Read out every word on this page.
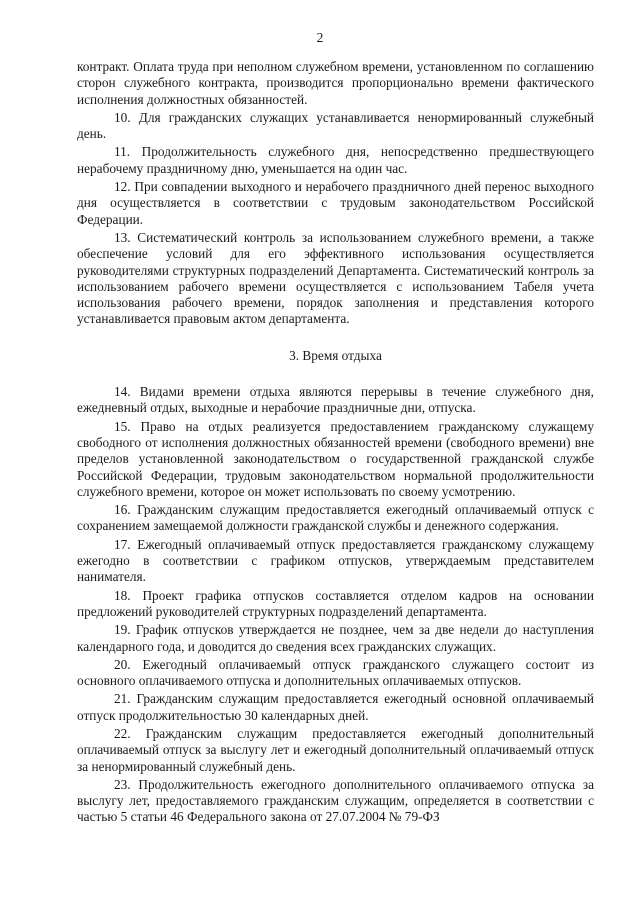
2

контракт. Оплата труда при неполном служебном времени, установленном по соглашению сторон служебного контракта, производится пропорционально времени фактического исполнения должностных обязанностей.

10. Для гражданских служащих устанавливается ненормированный служебный день.

11. Продолжительность служебного дня, непосредственно предшествующего нерабочему праздничному дню, уменьшается на один час.

12. При совпадении выходного и нерабочего праздничного дней перенос выходного дня осуществляется в соответствии с трудовым законодательством Российской Федерации.

13. Систематический контроль за использованием служебного времени, а также обеспечение условий для его эффективного использования осуществляется руководителями структурных подразделений Департамента. Систематический контроль за использованием рабочего времени осуществляется с использованием Табеля учета использования рабочего времени, порядок заполнения и представления которого устанавливается правовым актом департамента.

3. Время отдыха

14. Видами времени отдыха являются перерывы в течение служебного дня, ежедневный отдых, выходные и нерабочие праздничные дни, отпуска.

15. Право на отдых реализуется предоставлением гражданскому служащему свободного от исполнения должностных обязанностей времени (свободного времени) вне пределов установленной законодательством о государственной гражданской службе Российской Федерации, трудовым законодательством нормальной продолжительности служебного времени, которое он может использовать по своему усмотрению.

16. Гражданским служащим предоставляется ежегодный оплачиваемый отпуск с сохранением замещаемой должности гражданской службы и денежного содержания.

17. Ежегодный оплачиваемый отпуск предоставляется гражданскому служащему ежегодно в соответствии с графиком отпусков, утверждаемым представителем нанимателя.

18. Проект графика отпусков составляется отделом кадров на основании предложений руководителей структурных подразделений департамента.

19. График отпусков утверждается не позднее, чем за две недели до наступления календарного года, и доводится до сведения всех гражданских служащих.

20. Ежегодный оплачиваемый отпуск гражданского служащего состоит из основного оплачиваемого отпуска и дополнительных оплачиваемых отпусков.

21. Гражданским служащим предоставляется ежегодный основной оплачиваемый отпуск продолжительностью 30 календарных дней.

22. Гражданским служащим предоставляется ежегодный дополнительный оплачиваемый отпуск за выслугу лет и ежегодный дополнительный оплачиваемый отпуск за ненормированный служебный день.

23. Продолжительность ежегодного дополнительного оплачиваемого отпуска за выслугу лет, предоставляемого гражданским служащим, определяется в соответствии с частью 5 статьи 46 Федерального закона от 27.07.2004 № 79-ФЗ
